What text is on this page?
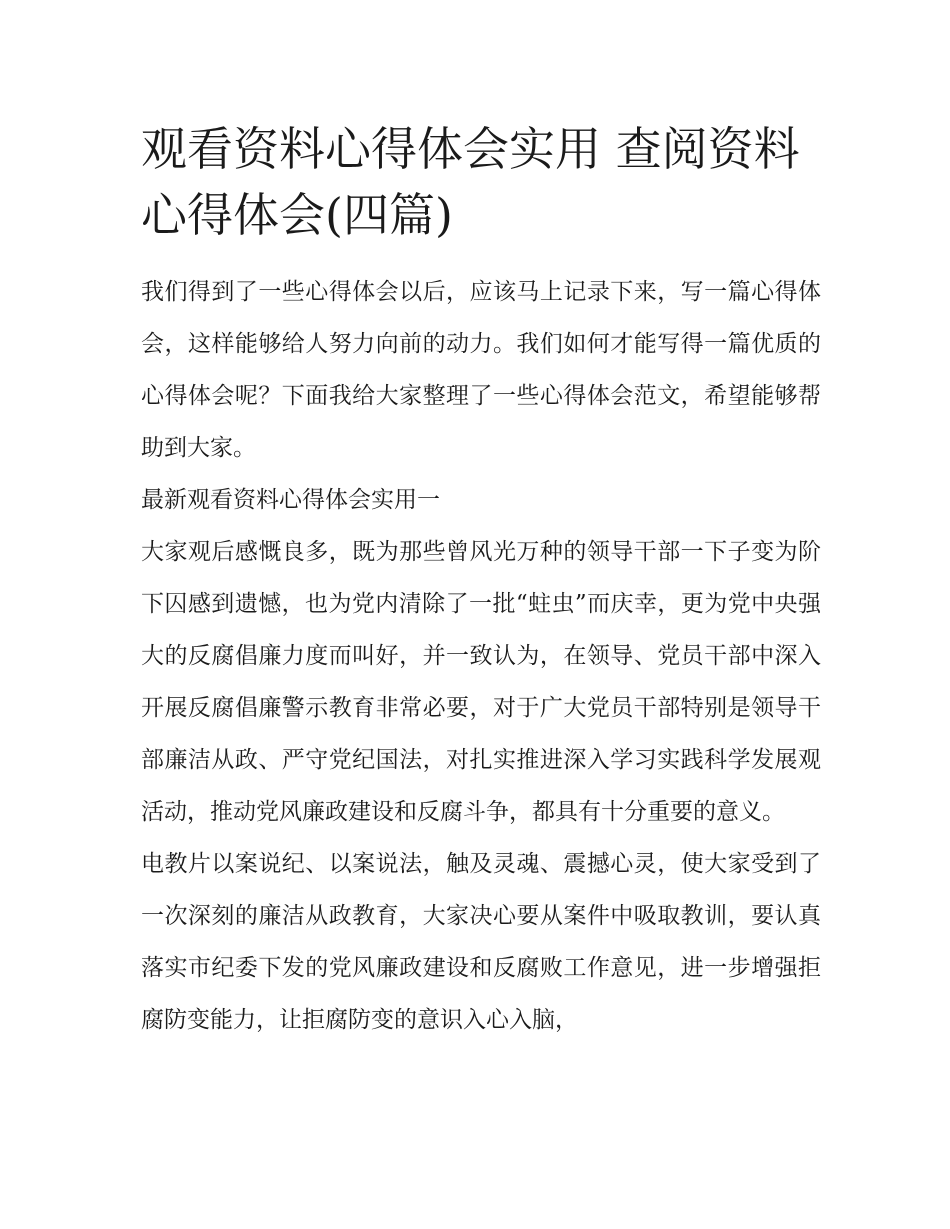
观看资料心得体会实用 查阅资料心得体会(四篇)

我们得到了一些心得体会以后，应该马上记录下来，写一篇心得体会，这样能够给人努力向前的动力。我们如何才能写得一篇优质的心得体会呢？下面我给大家整理了一些心得体会范文，希望能够帮助到大家。

最新观看资料心得体会实用一

大家观后感慨良多，既为那些曾风光万种的领导干部一下子变为阶下囚感到遗憾，也为党内清除了一批“蛀虫”而庆幸，更为党中央强大的反腐倡廉力度而叫好，并一致认为，在领导、党员干部中深入开展反腐倡廉警示教育非常必要，对于广大党员干部特别是领导干部廉洁从政、严守党纪国法，对扎实推进深入学习实践科学发展观活动，推动党风廉政建设和反腐斗争，都具有十分重要的意义。

电教片以案说纪、以案说法，触及灵魂、震撼心灵，使大家受到了一次深刻的廉洁从政教育，大家决心要从案件中吸取教训，要认真落实市纪委下发的党风廉政建设和反腐败工作意见，进一步增强拒腐防变能力，让拒腐防变的意识入心入脑，
